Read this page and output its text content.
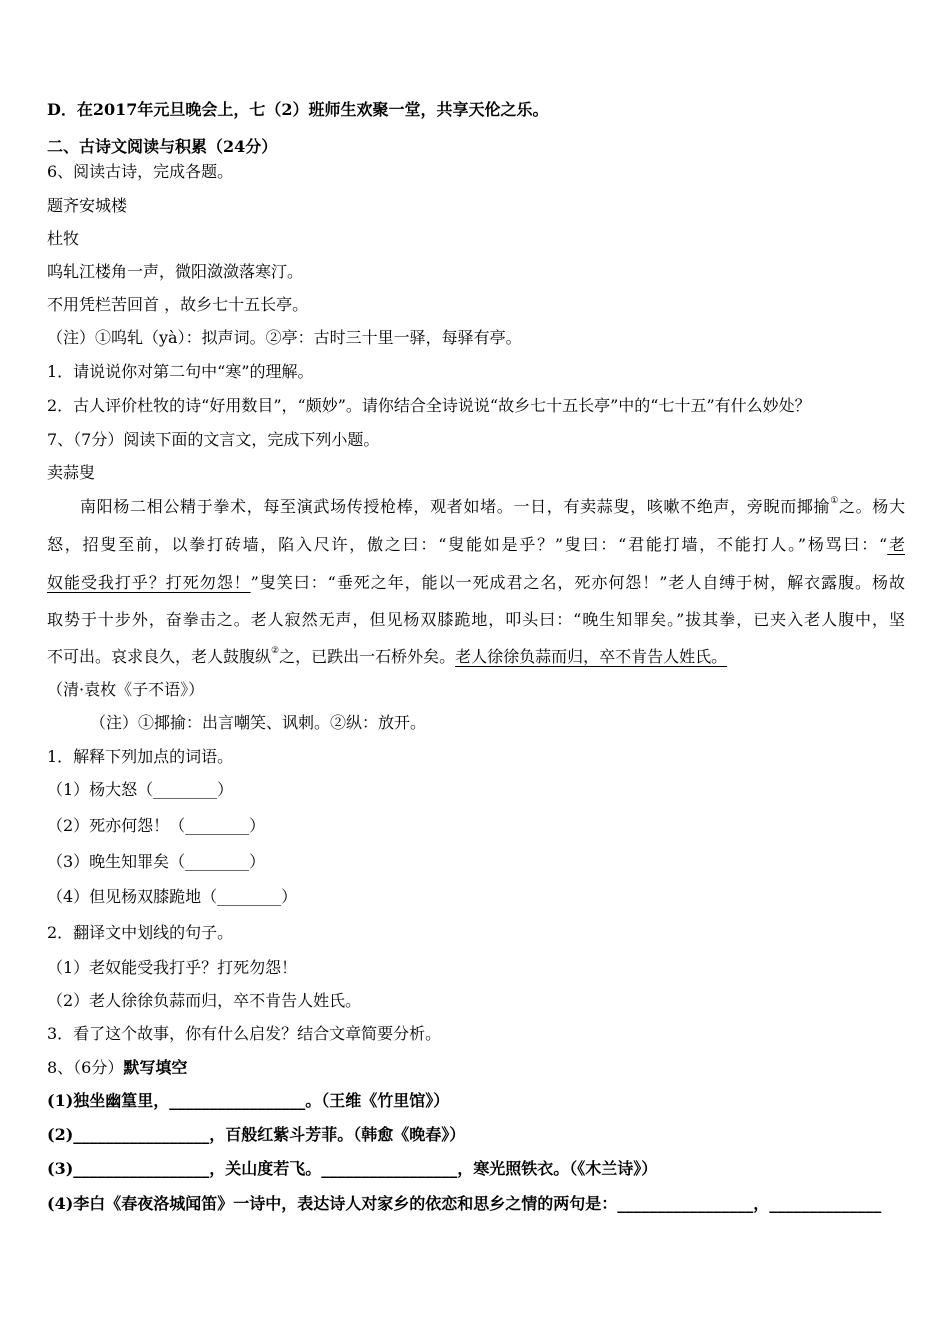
D．在2017年元旦晚会上，七（2）班师生欢聚一堂，共享天伦之乐。
二、古诗文阅读与积累（24分）
6、阅读古诗，完成各题。
题齐安城楼
杜牧
呜轧江楼角一声，微阳潋潋落寒汀。
不用凭栏苦回首 ，故乡七十五长亭。
（注）①呜轧（yà）：拟声词。②亭：古时三十里一驿，每驿有亭。
1．请说说你对第二句中“寒”的理解。
2．古人评价杜牧的诗“好用数目”，“颇妙”。请你结合全诗说说“故乡七十五长亭”中的“七十五”有什么妙处？
7、（7分）阅读下面的文言文，完成下列小题。
卖蒜叟
南阳杨二相公精于拳术，每至演武场传授枪棒，观者如堵。一日，有卖蒜叟，咳嗽不绝声，旁睨而揶揄①之。杨大
怒，招叟至前，以拳打砖墙，陷入尺许，傲之曰：“叟能如是乎？”叟曰：“君能打墙，不能打人。”杨骂曰：“老
奴能受我打乎？打死勿怨！”叟笑曰：“垂死之年，能以一死成君之名，死亦何怨！”老人自缚于树，解衣露腹。杨故
取势于十步外，奋拳击之。老人寂然无声，但见杨双膝跪地，叩头曰：“晚生知罪矣。”拔其拳，已夹入老人腹中，坚
不可出。哀求良久，老人鼓腹纵②之，已跌出一石桥外矣。老人徐徐负蒜而归，卒不肯告人姓氏。
（清·袁枚《子不语》）
（注）①揶揄：出言嘲笑、讽刺。②纵：放开。
1．解释下列加点的词语。
（1）杨大怒（________）
（2）死亦何怨！（________）
（3）晚生知罪矣（________）
（4）但见杨双膝跪地（________）
2．翻译文中划线的句子。
（1）老奴能受我打乎？打死勿怨！
（2）老人徐徐负蒜而归，卒不肯告人姓氏。
3．看了这个故事，你有什么启发？结合文章简要分析。
8、（6分）默写填空
(1)独坐幽篁里，_________________。（王维《竹里馆》）
(2)_________________，百般红紫斗芳菲。（韩愈《晚春》）
(3)_________________，关山度若飞。_________________，寒光照铁衣。（《木兰诗》）
(4)李白《春夜洛城闻笛》一诗中，表达诗人对家乡的依恋和思乡之情的两句是：_________________，______________
